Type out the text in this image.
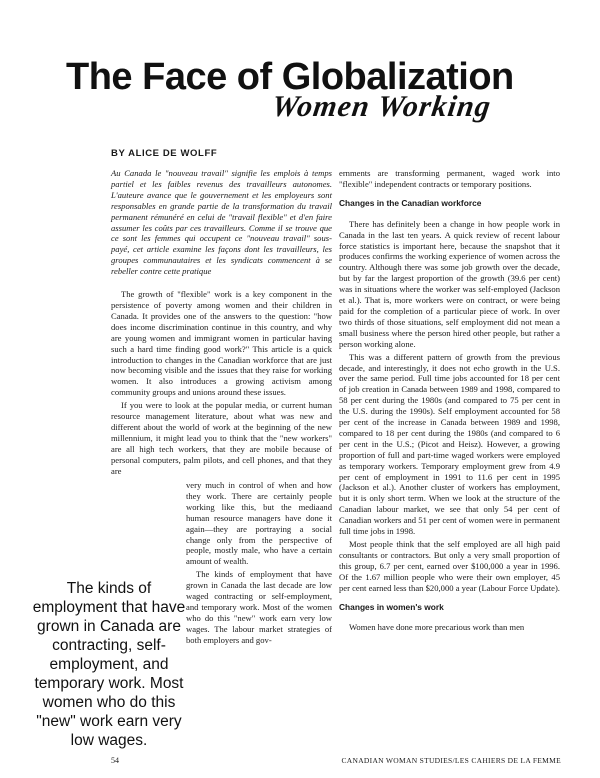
The Face of Globalization
Women Working
BY ALICE DE WOLFF

Au Canada le "nouveau travail" signifie les emplois à temps partiel et les faibles revenus des travailleurs autonomes. L'auteure avance que le gouvernement et les employeurs sont responsables en grande partie de la transformation du travail permanent rémunéré en celui de "travail flexible" et d'en faire assumer les coûts par ces travailleurs. Comme il se trouve que ce sont les femmes qui occupent ce "nouveau travail" sous-payé, cet article examine les façons dont les travailleurs, les groupes communautaires et les syndicats commencent à se rebeller contre cette pratique

The growth of "flexible" work is a key component in the persistence of poverty among women and their children in Canada. It provides one of the answers to the question: "how does income discrimination continue in this country, and why are young women and immigrant women in particular having such a hard time finding good work?" This article is a quick introduction to changes in the Canadian workforce that are just now becoming visible and the issues that they raise for working women. It also introduces a growing activism among community groups and unions around these issues.

If you were to look at the popular media, or current human resource management literature, about what was new and different about the world of work at the beginning of the new millennium, it might lead you to think that the "new workers" are all high tech workers, that they are mobile because of personal computers, palm pilots, and cell phones, and that they are

very much in control of when and how they work. There are certainly people working like this, but the mediaand human resource managers have done it again—they are portraying a social change only from the perspective of people, mostly male, who have a certain amount of wealth.

The kinds of employment that have grown in Canada the last decade are low waged contracting or self-employment, and temporary work. Most of the women who do this "new" work earn very low wages. The labour market strategies of both employers and gov-

The kinds of employment that have grown in Canada are contracting, self-employment, and temporary work. Most women who do this "new" work earn very low wages.

ernments are transforming permanent, waged work into "flexible" independent contracts or temporary positions.

Changes in the Canadian workforce

There has definitely been a change in how people work in Canada in the last ten years. A quick review of recent labour force statistics is important here, because the snapshot that it produces confirms the working experience of women across the country. Although there was some job growth over the decade, but by far the largest proportion of the growth (39.6 per cent) was in situations where the worker was self-employed (Jackson et al.). That is, more workers were on contract, or were being paid for the completion of a particular piece of work. In over two thirds of those situations, self employment did not mean a small business where the person hired other people, but rather a person working alone.

This was a different pattern of growth from the previous decade, and interestingly, it does not echo growth in the U.S. over the same period. Full time jobs accounted for 18 per cent of job creation in Canada between 1989 and 1998, compared to 58 per cent during the 1980s (and compared to 75 per cent in the U.S. during the 1990s). Self employment accounted for 58 per cent of the increase in Canada between 1989 and 1998, compared to 18 per cent during the 1980s (and compared to 6 per cent in the U.S.; (Picot and Heisz). However, a growing proportion of full and part-time waged workers were employed as temporary workers. Temporary employment grew from 4.9 per cent of employment in 1991 to 11.6 per cent in 1995 (Jackson et al.). Another cluster of workers has employment, but it is only short term. When we look at the structure of the Canadian labour market, we see that only 54 per cent of Canadian workers and 51 per cent of women were in permanent full time jobs in 1998.

Most people think that the self employed are all high paid consultants or contractors. But only a very small proportion of this group, 6.7 per cent, earned over $100,000 a year in 1996. Of the 1.67 million people who were their own employer, 45 per cent earned less than $20,000 a year (Labour Force Update).

Changes in women's work

Women have done more precarious work than men

54	CANADIAN WOMAN STUDIES/LES CAHIERS DE LA FEMME
